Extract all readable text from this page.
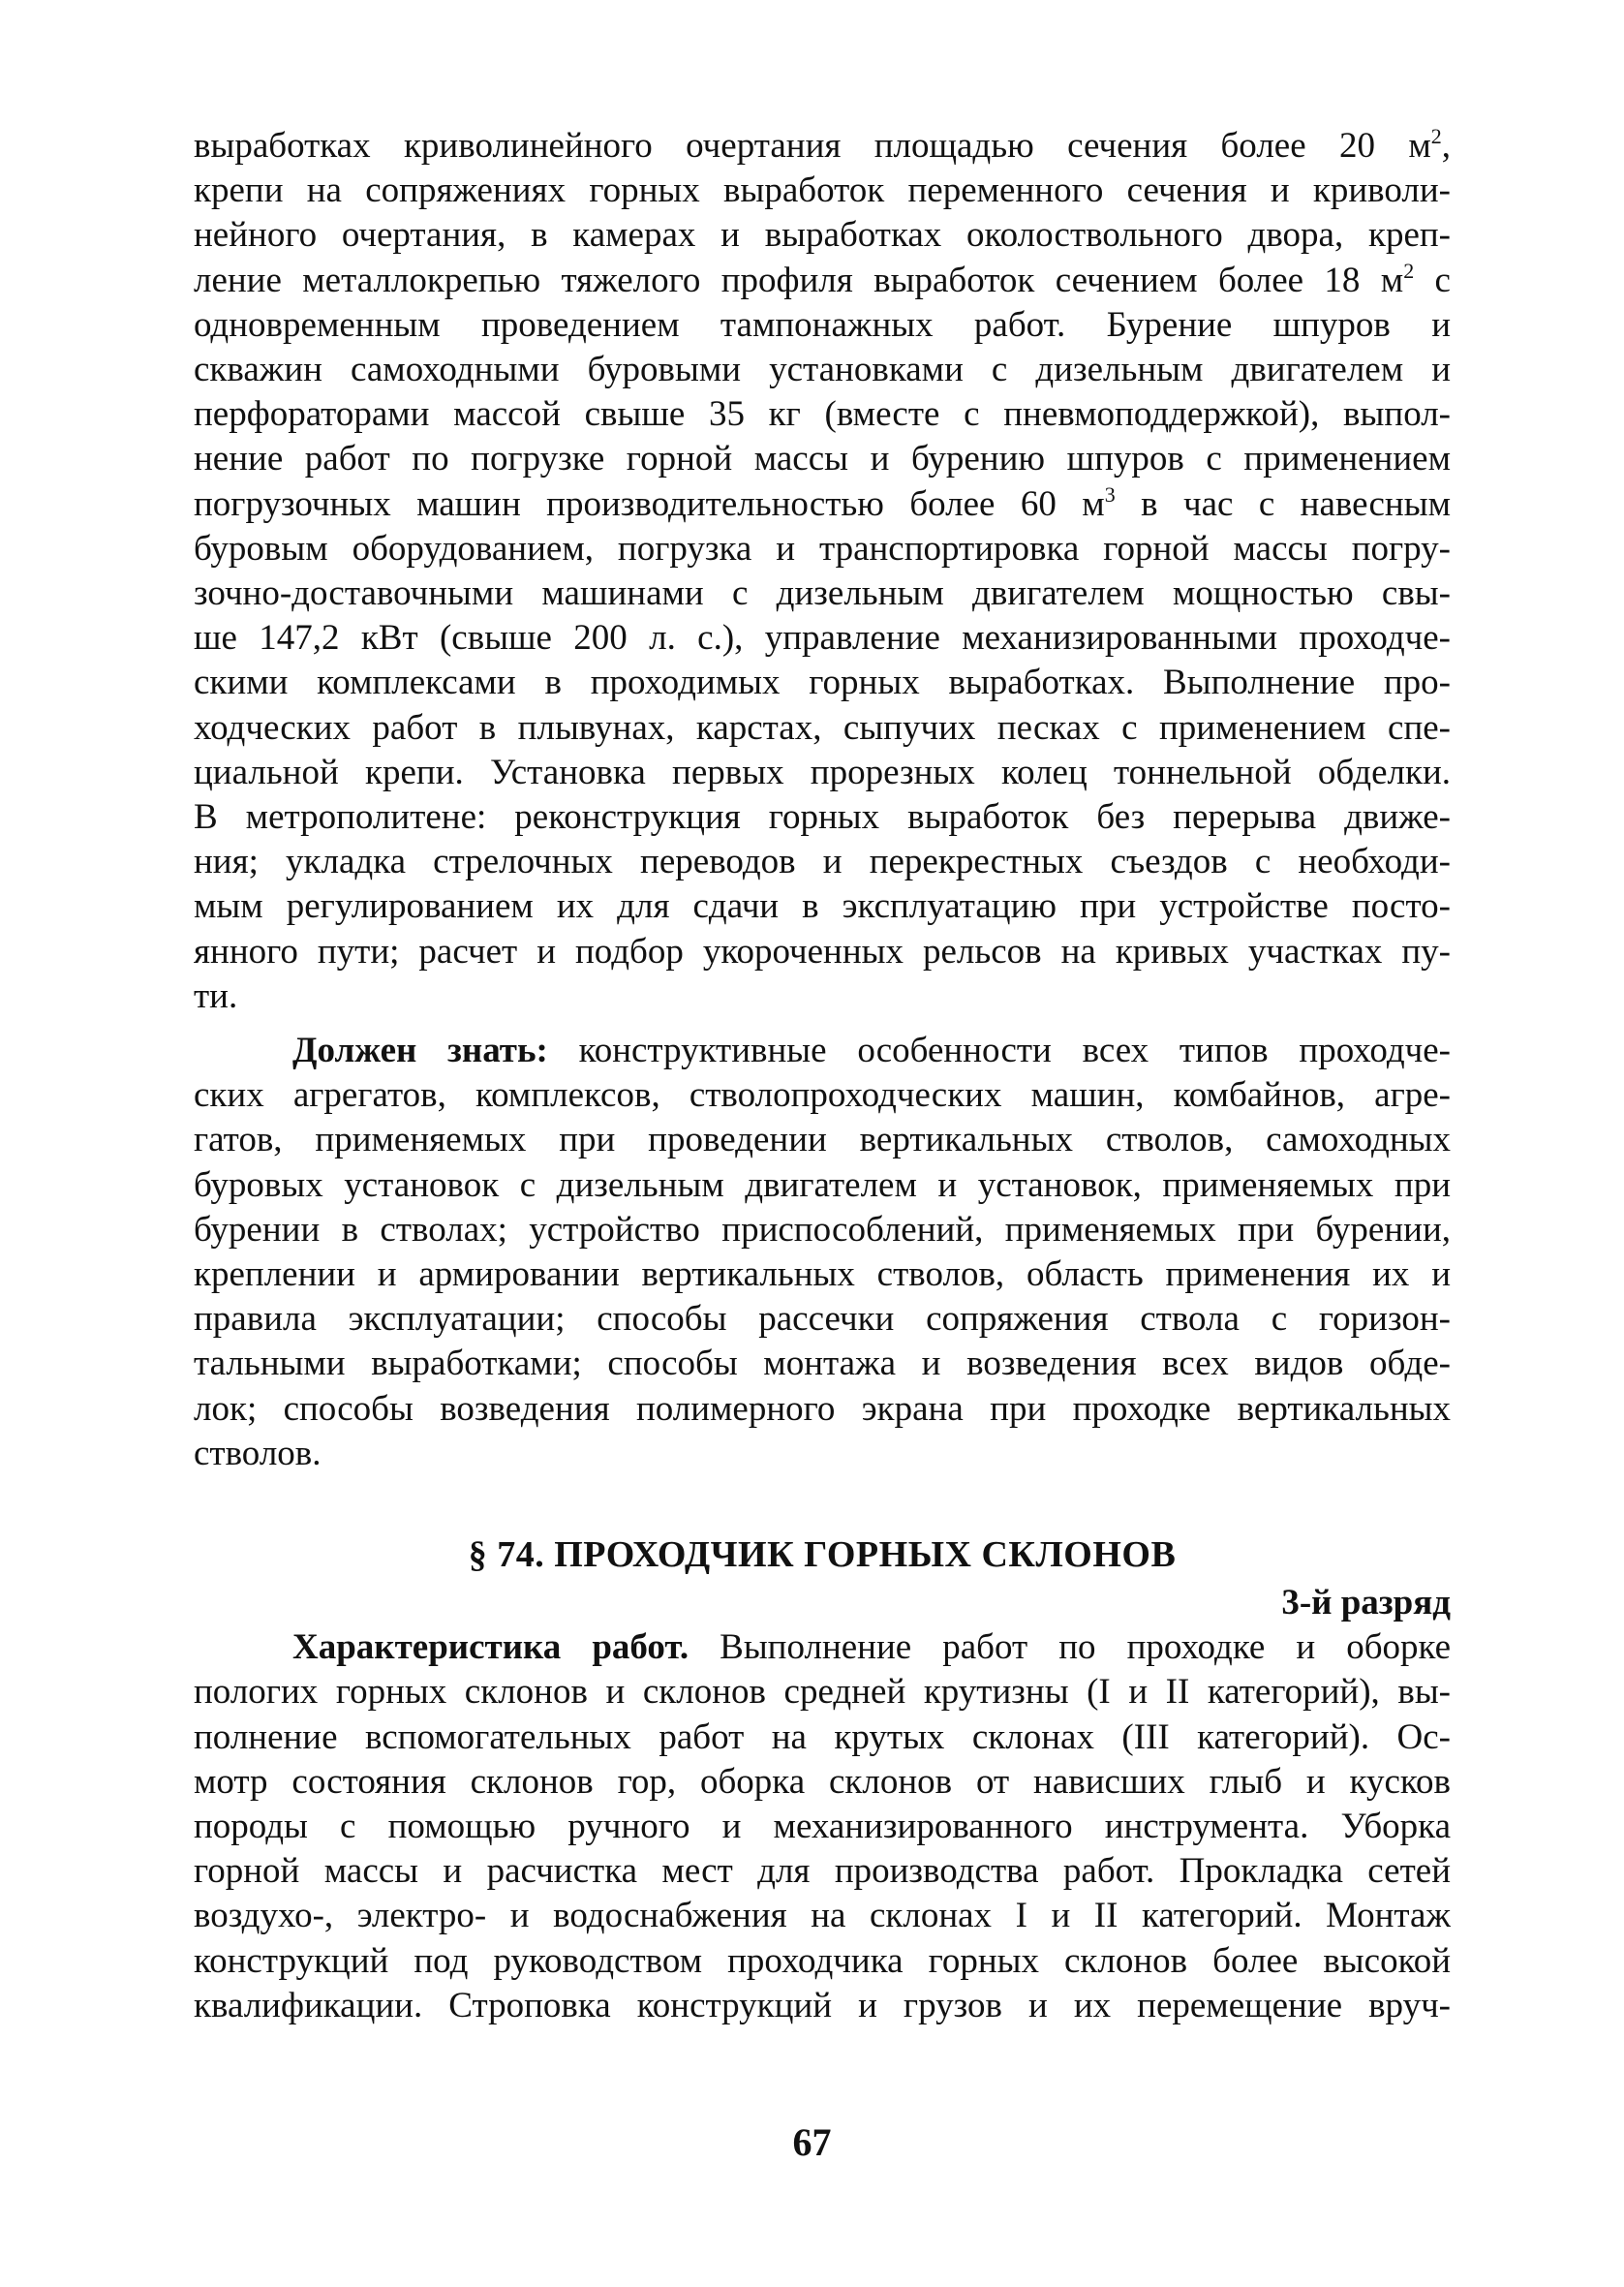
выработках криволинейного очертания площадью сечения более 20 $м^2$,
крепи на сопряжениях горных выработок переменного сечения и криволи-
нейного очертания, в камерах и выработках околоствольного двора, креп-
ление металлокрепью тяжелого профиля выработок сечением более 18 $м^2$ с
одновременным проведением тампонажных работ. Бурение шпуров и
скважин самоходными буровыми установками с дизельным двигателем и
перфораторами массой свыше 35 кг (вместе с пневмоподдержкой), выпол-
нение работ по погрузке горной массы и бурению шпуров с применением
погрузочных машин производительностью более 60 $м^3$ в час с навесным
буровым оборудованием, погрузка и транспортировка горной массы погру-
зочно-доставочными машинами с дизельным двигателем мощностью свы-
ше 147,2 кВт (свыше 200 л. с.), управление механизированными проходче-
скими комплексами в проходимых горных выработках. Выполнение про-
ходческих работ в плывунах, карстах, сыпучих песках с применением спе-
циальной крепи. Установка первых прорезных колец тоннельной обделки.
В метрополитене: реконструкция горных выработок без перерыва движе-
ния; укладка стрелочных переводов и перекрестных съездов с необходи-
мым регулированием их для сдачи в эксплуатацию при устройстве посто-
янного пути; расчет и подбор укороченных рельсов на кривых участках пу-
ти.
Должен знать: конструктивные особенности всех типов проходче-
ских агрегатов, комплексов, стволопроходческих машин, комбайнов, агре-
гатов, применяемых при проведении вертикальных стволов, самоходных
буровых установок с дизельным двигателем и установок, применяемых при
бурении в стволах; устройство приспособлений, применяемых при бурении,
креплении и армировании вертикальных стволов, область применения их и
правила эксплуатации; способы рассечки сопряжения ствола с горизон-
тальными выработками; способы монтажа и возведения всех видов обде-
лок; способы возведения полимерного экрана при проходке вертикальных
стволов.
§ 74. ПРОХОДЧИК ГОРНЫХ СКЛОНОВ
3-й разряд
Характеристика работ. Выполнение работ по проходке и оборке
пологих горных склонов и склонов средней крутизны (I и II категорий), вы-
полнение вспомогательных работ на крутых склонах (III категорий). Ос-
мотр состояния склонов гор, оборка склонов от нависших глыб и кусков
породы с помощью ручного и механизированного инструмента. Уборка
горной массы и расчистка мест для производства работ. Прокладка сетей
воздухо-, электро- и водоснабжения на склонах I и II категорий. Монтаж
конструкций под руководством проходчика горных склонов более высокой
квалификации. Строповка конструкций и грузов и их перемещение вруч-
67
